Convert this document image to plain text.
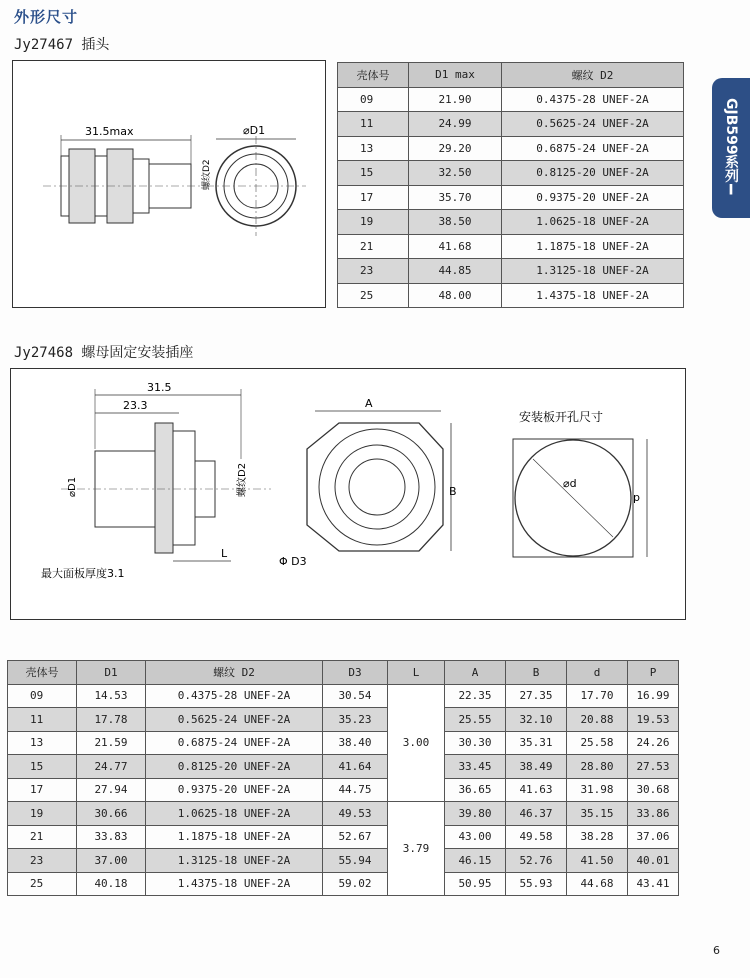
外形尺寸
Jy27467 插头
Jy27468 螺母固定安装插座
GJB599系列Ⅰ
31.5max
螺纹D2
⌀D1
壳体号	D1 max	螺纹 D2
09	21.90	0.4375-28 UNEF-2A
11	24.99	0.5625-24 UNEF-2A
13	29.20	0.6875-24 UNEF-2A
15	32.50	0.8125-20 UNEF-2A
17	35.70	0.9375-20 UNEF-2A
19	38.50	1.0625-18 UNEF-2A
21	41.68	1.1875-18 UNEF-2A
23	44.85	1.3125-18 UNEF-2A
25	48.00	1.4375-18 UNEF-2A
31.5
23.3
⌀D1	螺纹D2
L
最大面板厚度3.1
A
B
Φ D3
安装板开孔尺寸
⌀d
p
壳体号	D1	螺纹 D2	D3	L	A	B	d	P
09	14.53	0.4375-28 UNEF-2A	30.54	3.00	22.35	27.35	17.70	16.99
11	17.78	0.5625-24 UNEF-2A	35.23		25.55	32.10	20.88	19.53
13	21.59	0.6875-24 UNEF-2A	38.40		30.30	35.31	25.58	24.26
15	24.77	0.8125-20 UNEF-2A	41.64		33.45	38.49	28.80	27.53
17	27.94	0.9375-20 UNEF-2A	44.75		36.65	41.63	31.98	30.68
19	30.66	1.0625-18 UNEF-2A	49.53	3.79	39.80	46.37	35.15	33.86
21	33.83	1.1875-18 UNEF-2A	52.67		43.00	49.58	38.28	37.06
23	37.00	1.3125-18 UNEF-2A	55.94		46.15	52.76	41.50	40.01
25	40.18	1.4375-18 UNEF-2A	59.02		50.95	55.93	44.68	43.41
6
